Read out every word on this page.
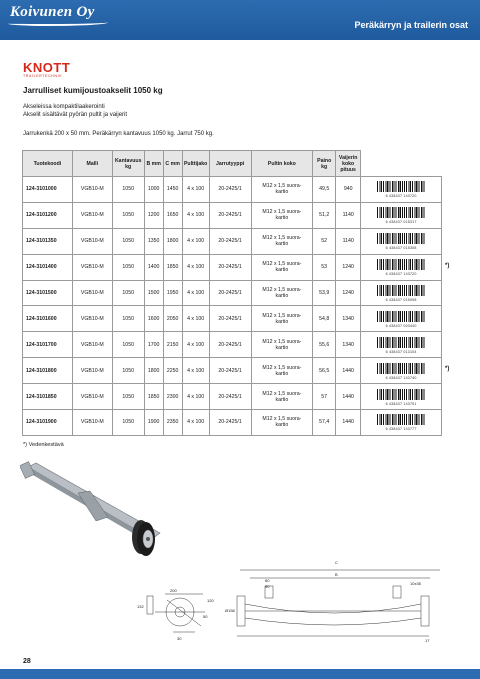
Koivunen Oy
Peräkärryn ja trailerin osat
KNOTT
TRAILERTECHNIK
Jarrulliset kumijoustoakselit 1050 kg
Akseleissa kompaktilaakerointi
Akselit sisältävät pyörän pultit ja vaijerit
Jarrukenkä 200 x 50 mm. Peräkärryn kantavuus 1050 kg. Jarrut 750 kg.
Tuotekoodi	Malli	Kantavuus kg	B mm	C mm	Pulttijako	Jarrutyyppi	Pultin koko	Paino kg	Vaijerin koko pituus	
124-3101000	VGB10-M	1050	1000	1450	4 x 100	20-2425/1	M12 x 1,5 suora-
kartio	49,5	940	6 438437 143720

124-3101200	VGB10-M	1050	1200	1650	4 x 100	20-2425/1	M12 x 1,5 suora-
kartio	51,2	1140	6 438437 015317

124-3101350	VGB10-M	1050	1350	1800	4 x 100	20-2425/1	M12 x 1,5 suora-
kartio	52	1140	6 438437 015308

124-3101400	VGB10-M	1050	1400	1850	4 x 100	20-2425/1	M12 x 1,5 suora-
kartio	53	1240	6 438437 143720

124-3101500	VGB10-M	1050	1500	1950	4 x 100	20-2425/1	M12 x 1,5 suora-
kartio	53,9	1240	6 438437 015098

124-3101600	VGB10-M	1050	1600	2050	4 x 100	20-2425/1	M12 x 1,5 suora-
kartio	54,8	1340	6 438437 003440

124-3101700	VGB10-M	1050	1700	2150	4 x 100	20-2425/1	M12 x 1,5 suora-
kartio	55,6	1340	6 438437 013104

124-3101800	VGB10-M	1050	1800	2250	4 x 100	20-2425/1	M12 x 1,5 suora-
kartio	56,5	1440	6 438437 143740

124-3101850	VGB10-M	1050	1850	2300	4 x 100	20-2425/1	M12 x 1,5 suora-
kartio	57	1440	6 438437 143751

124-3101900	VGB10-M	1050	1900	2350	4 x 100	20-2425/1	M12 x 1,5 suora-
kartio	57,4	1440	6 438437 143777
*)
*)
*) Vedenkestävä
C
B
60
90
10x35
200
50
30	17
Ø158
132
120
28
